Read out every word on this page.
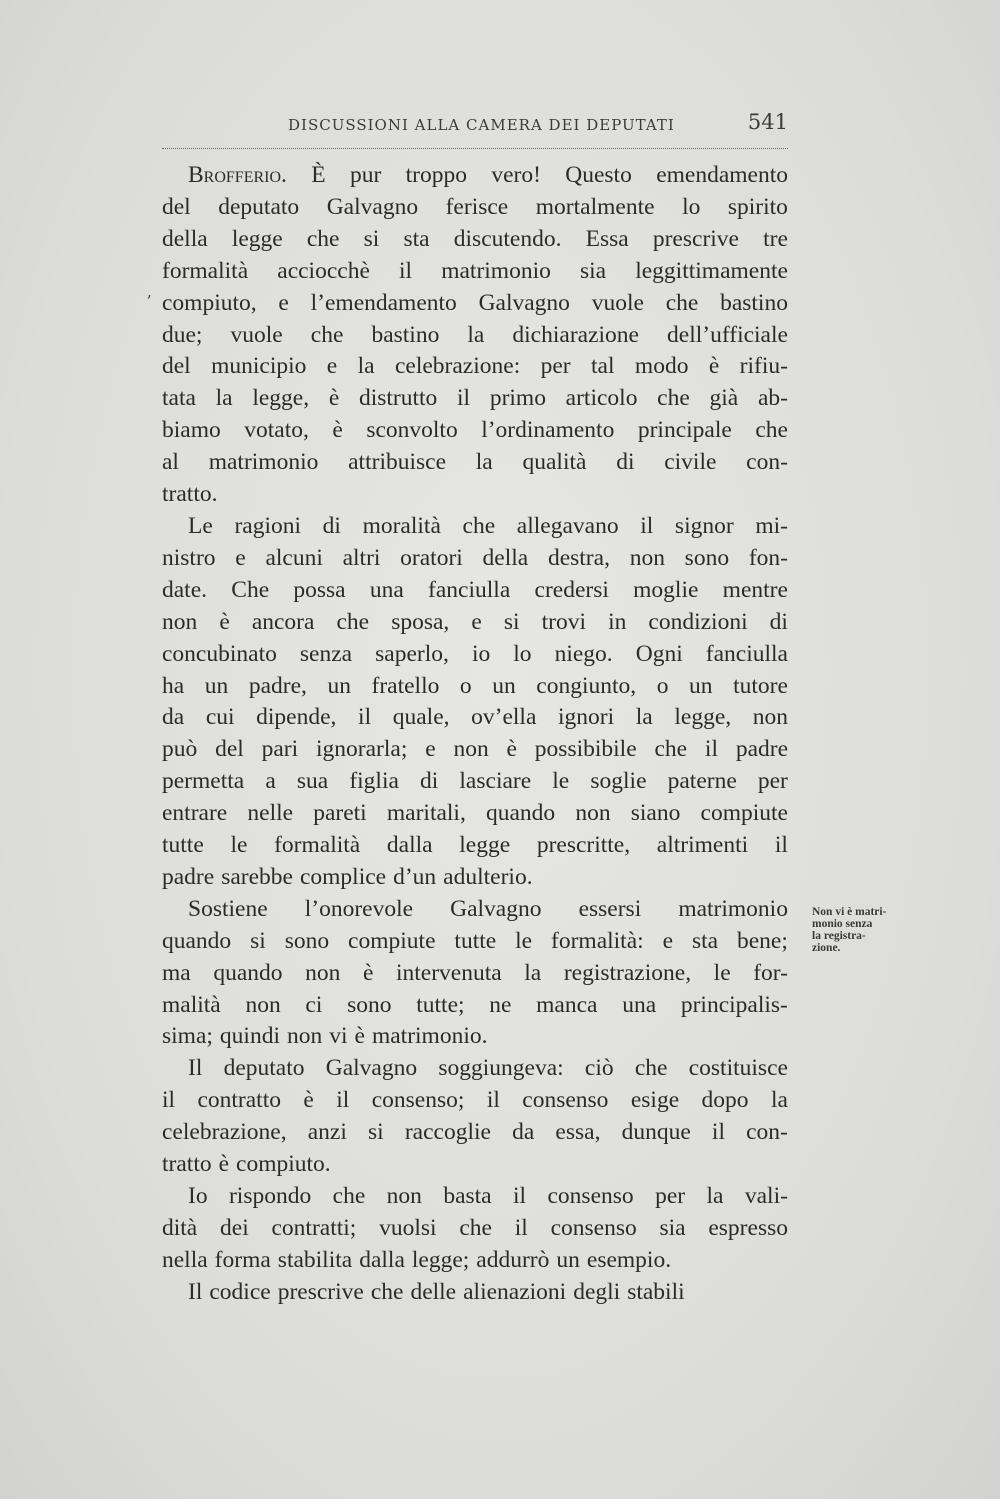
DISCUSSIONI ALLA CAMERA DEI DEPUTATI	541
ʼ
Brofferio. È pur troppo vero! Questo emendamento
del deputato Galvagno ferisce mortalmente lo spirito
della legge che si sta discutendo. Essa prescrive tre
formalità acciocchè il matrimonio sia leggittimamente
compiuto, e l’emendamento Galvagno vuole che bastino
due; vuole che bastino la dichiarazione dell’ufficiale
del municipio e la celebrazione: per tal modo è rifiu-
tata la legge, è distrutto il primo articolo che già ab-
biamo votato, è sconvolto l’ordinamento principale che
al matrimonio attribuisce la qualità di civile con-
tratto.
Le ragioni di moralità che allegavano il signor mi-
nistro e alcuni altri oratori della destra, non sono fon-
date. Che possa una fanciulla credersi moglie mentre
non è ancora che sposa, e si trovi in condizioni di
concubinato senza saperlo, io lo niego. Ogni fanciulla
ha un padre, un fratello o un congiunto, o un tutore
da cui dipende, il quale, ov’ella ignori la legge, non
può del pari ignorarla; e non è possibibile che il padre
permetta a sua figlia di lasciare le soglie paterne per
entrare nelle pareti maritali, quando non siano compiute
tutte le formalità dalla legge prescritte, altrimenti il
padre sarebbe complice d’un adulterio.
Sostiene l’onorevole Galvagno essersi matrimonio
quando si sono compiute tutte le formalità: e sta bene;
ma quando non è intervenuta la registrazione, le for-
malità non ci sono tutte; ne manca una principalis-
sima; quindi non vi è matrimonio.
Il deputato Galvagno soggiungeva: ciò che costituisce
il contratto è il consenso; il consenso esige dopo la
celebrazione, anzi si raccoglie da essa, dunque il con-
tratto è compiuto.
Io rispondo che non basta il consenso per la vali-
dità dei contratti; vuolsi che il consenso sia espresso
nella forma stabilita dalla legge; addurrò un esempio.
Il codice prescrive che delle alienazioni degli stabili
Non vi è matri-
monio senza
la registra-
zione.
